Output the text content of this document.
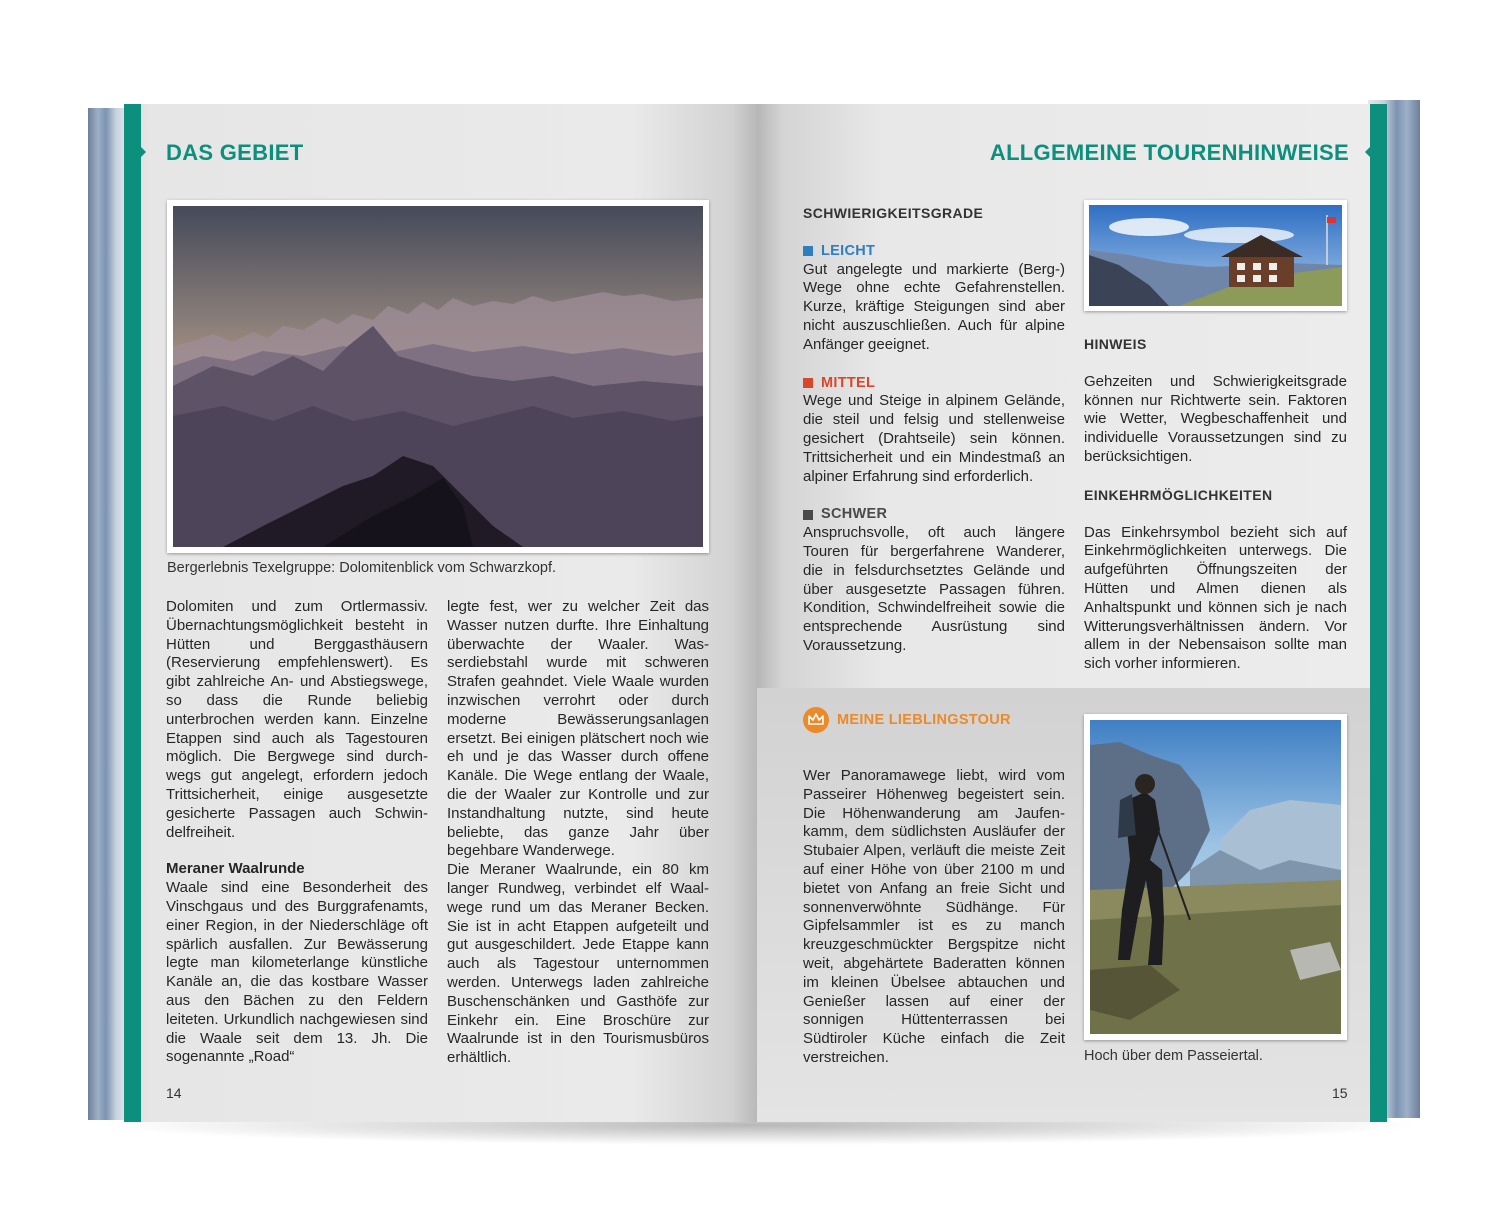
DAS GEBIET
Bergerlebnis Texelgruppe: Dolomitenblick vom Schwarzkopf.

Dolomiten und zum Ortlermassiv. Übernachtungsmöglichkeit besteht in Hütten und Berggasthäusern (Reservierung empfehlenswert). Es gibt zahlreiche An- und Abstiegswege, so dass die Runde beliebig unterbrochen werden kann. Einzelne Etappen sind auch als Tagestouren möglich. Die Bergwege sind durchwegs gut angelegt, erfordern jedoch Trittsicherheit, einige ausgesetzte gesicherte Passagen auch Schwindelfreiheit.

Meraner Waalrunde

Waale sind eine Besonderheit des Vinschgaus und des Burggrafenamts, einer Region, in der Niederschläge oft spärlich ausfallen. Zur Bewässerung legte man kilometerlange künstliche Kanäle an, die das kostbare Wasser aus den Bächen zu den Feldern leiteten. Urkundlich nachgewiesen sind die Waale seit dem 13. Jh. Die sogenannte „Road“

legte fest, wer zu welcher Zeit das Wasser nutzen durfte. Ihre Einhaltung überwachte der Waaler. Wasserdiebstahl wurde mit schweren Strafen geahndet. Viele Waale wurden inzwischen verrohrt oder durch moderne Bewässerungsanlagen ersetzt. Bei einigen plätschert noch wie eh und je das Wasser durch offene Kanäle. Die Wege entlang der Waale, die der Waaler zur Kontrolle und zur Instandhaltung nutzte, sind heute beliebte, das ganze Jahr über begehbare Wanderwege.

Die Meraner Waalrunde, ein 80 km langer Rundweg, verbindet elf Waalwege rund um das Meraner Becken. Sie ist in acht Etappen aufgeteilt und gut ausgeschildert. Jede Etappe kann auch als Tagestour unternommen werden. Unterwegs laden zahlreiche Buschenschänken und Gasthöfe zur Einkehr ein. Eine Broschüre zur Waalrunde ist in den Tourismusbüros erhältlich.

14
ALLGEMEINE TOURENHINWEISE

SCHWIERIGKEITSGRADE

LEICHT

Gut angelegte und markierte (Berg-) Wege ohne echte Gefahrenstellen. Kurze, kräftige Steigungen sind aber nicht auszuschließen. Auch für alpine Anfänger geeignet.

MITTEL

Wege und Steige in alpinem Gelände, die steil und felsig und stellenweise gesichert (Drahtseile) sein können. Trittsicherheit und ein Mindestmaß an alpiner Erfahrung sind erforderlich.

SCHWER

Anspruchsvolle, oft auch längere Touren für bergerfahrene Wanderer, die in felsdurchsetztes Gelände und über ausgesetzte Passagen führen. Kondition, Schwindelfreiheit sowie die entsprechende Ausrüstung sind Voraussetzung.

HINWEIS

Gehzeiten und Schwierigkeitsgrade können nur Richtwerte sein. Faktoren wie Wetter, Wegbeschaffenheit und individuelle Voraussetzungen sind zu berücksichtigen.

EINKEHRMÖGLICHKEITEN

Das Einkehrsymbol bezieht sich auf Einkehrmöglichkeiten unterwegs. Die aufgeführten Öffnungszeiten der Hütten und Almen dienen als Anhaltspunkt und können sich je nach Witterungsverhältnissen ändern. Vor allem in der Nebensaison sollte man sich vorher informieren.

MEINE LIEBLINGSTOUR
Wer Panoramawege liebt, wird vom Passeirer Höhenweg begeistert sein. Die Höhenwanderung am Jaufenkamm, dem südlichsten Ausläufer der Stubaier Alpen, verläuft die meiste Zeit auf einer Höhe von über 2100 m und bietet von Anfang an freie Sicht und sonnenverwöhnte Südhänge. Für Gipfelsammler ist es zu manch kreuzgeschmückter Bergspitze nicht weit, abgehärtete Baderatten können im kleinen Übelsee abtauchen und Genießer lassen auf einer der sonnigen Hüttenterrassen bei Südtiroler Küche einfach die Zeit verstreichen.	Hoch über dem Passeiertal.
15
